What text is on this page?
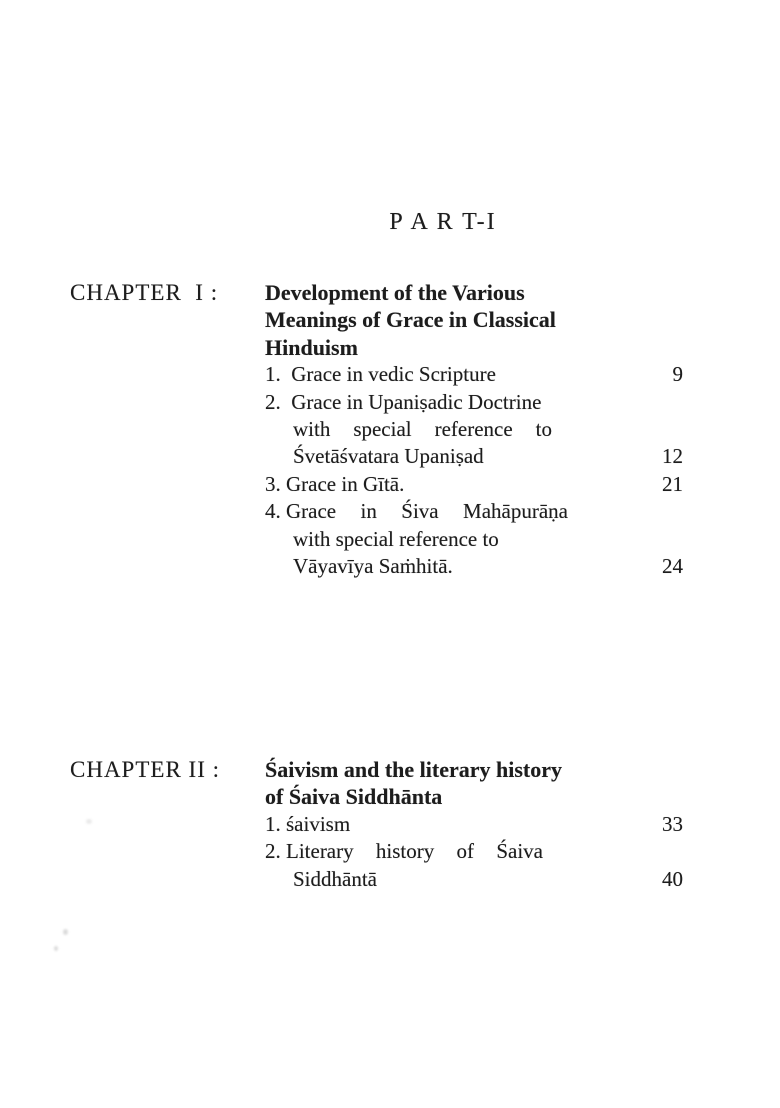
P A R T-I
CHAPTER  I :	Development of the Various
Meanings of Grace in Classical
Hinduism
1.  Grace in vedic Scripture	9
2.  Grace in Upaniṣadic Doctrine
with special reference to
Śvetāśvatara Upaniṣad	12
3. Grace in Gītā.	21
4. Grace in Śiva Mahāpurāṇa
with special reference to
Vāyavīya Saṁhitā.	24
CHAPTER II :	Śaivism and the literary history
of Śaiva Siddhānta
1. śaivism	33
2. Literary history of Śaiva
Siddhāntā	40
